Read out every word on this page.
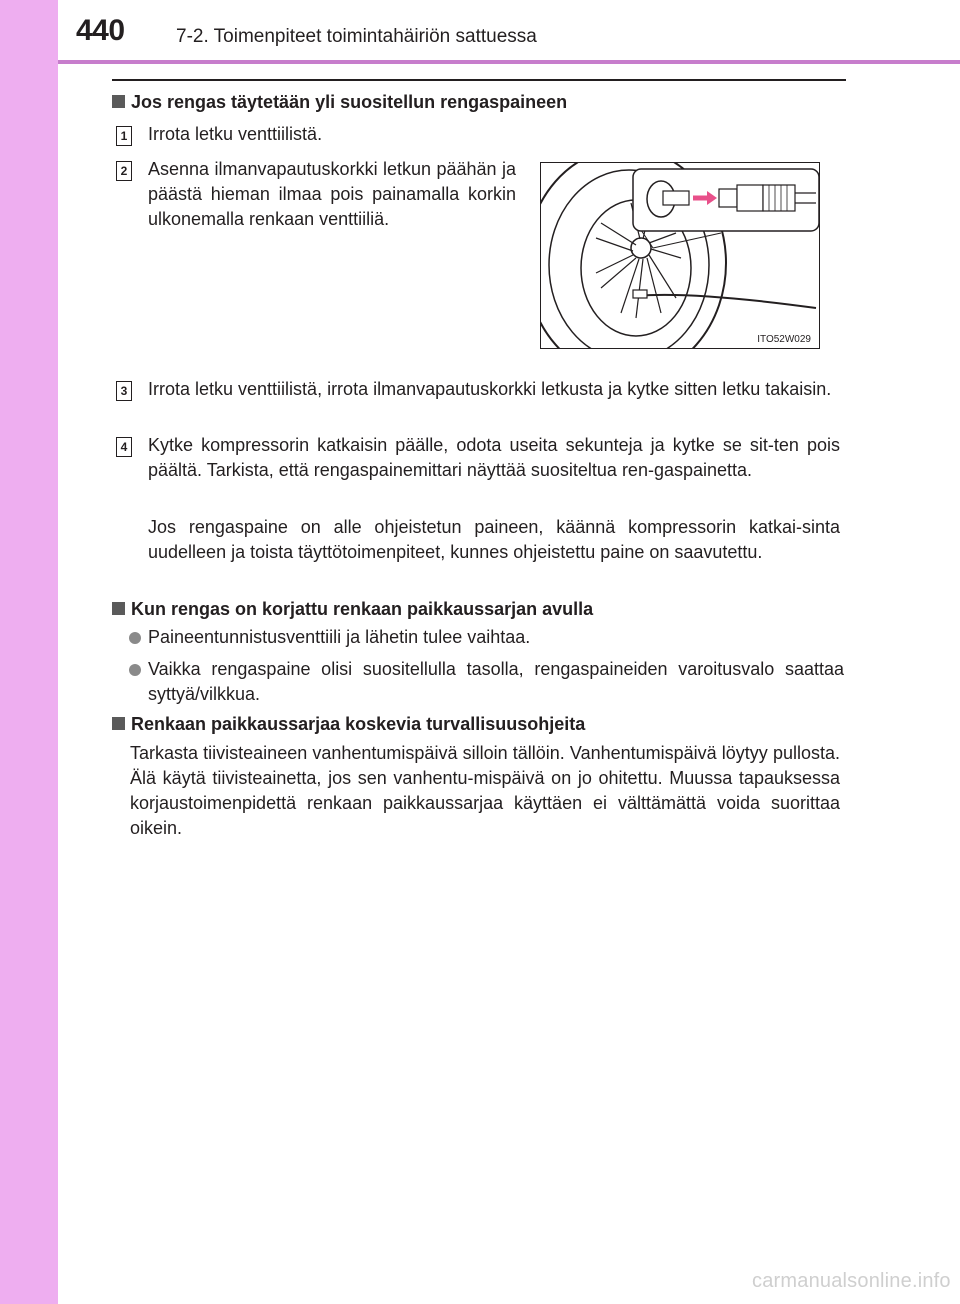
440	7-2. Toimenpiteet toimintahäiriön sattuessa
Jos rengas täytetään yli suositellun rengaspaineen
1 Irrota letku venttiilistä.
2 Asenna ilmanvapautuskorkki letkun päähän ja päästä hieman ilmaa pois painamalla korkin ulkonemalla renkaan venttiiliä.
ITO52W029
3 Irrota letku venttiilistä, irrota ilmanvapautuskorkki letkusta ja kytke sitten letku takaisin.
4 Kytke kompressorin katkaisin päälle, odota useita sekunteja ja kytke se sit-ten pois päältä. Tarkista, että rengaspainemittari näyttää suositeltua ren-gaspainetta.
Jos rengaspaine on alle ohjeistetun paineen, käännä kompressorin katkai-sinta uudelleen ja toista täyttötoimenpiteet, kunnes ohjeistettu paine on saavutettu.
Kun rengas on korjattu renkaan paikkaussarjan avulla
Paineentunnistusventtiili ja lähetin tulee vaihtaa.
Vaikka rengaspaine olisi suositellulla tasolla, rengaspaineiden varoitusvalo saattaa syttyä/vilkkua.
Renkaan paikkaussarjaa koskevia turvallisuusohjeita
Tarkasta tiivisteaineen vanhentumispäivä silloin tällöin. Vanhentumispäivä löytyy pullosta. Älä käytä tiivisteainetta, jos sen vanhentu-mispäivä on jo ohitettu. Muussa tapauksessa korjaustoimenpidettä renkaan paikkaussarjaa käyttäen ei välttämättä voida suorittaa oikein.
carmanualsonline.info
